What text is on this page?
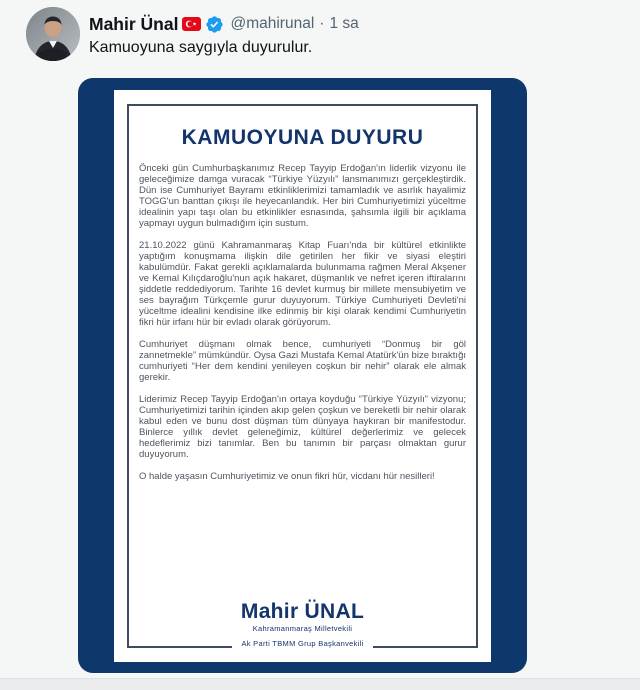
Mahir Ünal	@mahirunal · 1 sa
Kamuoyuna saygıyla duyurulur.
KAMUOYUNA DUYURU

Önceki gün Cumhurbaşkanımız Recep Tayyip Erdoğan'ın liderlik vizyonu ile geleceğimize damga vuracak “Türkiye Yüzyılı” lansmanımızı gerçekleştirdik. Dün ise Cumhuriyet Bayramı etkinliklerimizi tamamladık ve asırlık hayalimiz TOGG'un banttan çıkışı ile heyecanlandık. Her biri Cumhuriyetimizi yüceltme idealinin yapı taşı olan bu etkinlikler esnasında, şahsımla ilgili bir açıklama yapmayı uygun bulmadığım için sustum.

21.10.2022 günü Kahramanmaraş Kitap Fuarı'nda bir kültürel etkinlikte yaptığım konuşmama ilişkin dile getirilen her fikir ve siyasi eleştiri kabulümdür. Fakat gerekli açıklamalarda bulunmama rağmen Meral Akşener ve Kemal Kılıçdaroğlu'nun açık hakaret, düşmanlık ve nefret içeren iftiralarını şiddetle reddediyorum. Tarihte 16 devlet kurmuş bir millete mensubiyetim ve ses bayrağım Türkçemle gurur duyuyorum. Türkiye Cumhuriyeti Devleti'ni yüceltme idealini kendisine ilke edinmiş bir kişi olarak kendimi Cumhuriyetin fikri hür irfanı hür bir evladı olarak görüyorum.

Cumhuriyet düşmanı olmak bence, cumhuriyeti “Donmuş bir göl zannetmekle” mümkündür. Oysa Gazi Mustafa Kemal Atatürk'ün bize bıraktığı cumhuriyeti “Her dem kendini yenileyen coşkun bir nehir” olarak ele almak gerekir.

Liderimiz Recep Tayyip Erdoğan'ın ortaya koyduğu “Türkiye Yüzyılı” vizyonu; Cumhuriyetimizi tarihin içinden akıp gelen çoşkun ve bereketli bir nehir olarak kabul eden ve bunu dost düşman tüm dünyaya haykıran bir manifestodur. Binlerce yıllık devlet geleneğimiz, kültürel değerlerimiz ve gelecek hedeflerimiz bizi tanımlar. Ben bu tanımın bir parçası olmaktan gurur duyuyorum.

O halde yaşasın Cumhuriyetimiz ve onun fikri hür, vicdanı hür nesilleri!

Mahir ÜNAL
Kahramanmaraş Milletvekili
Ak Parti TBMM Grup Başkanvekili
